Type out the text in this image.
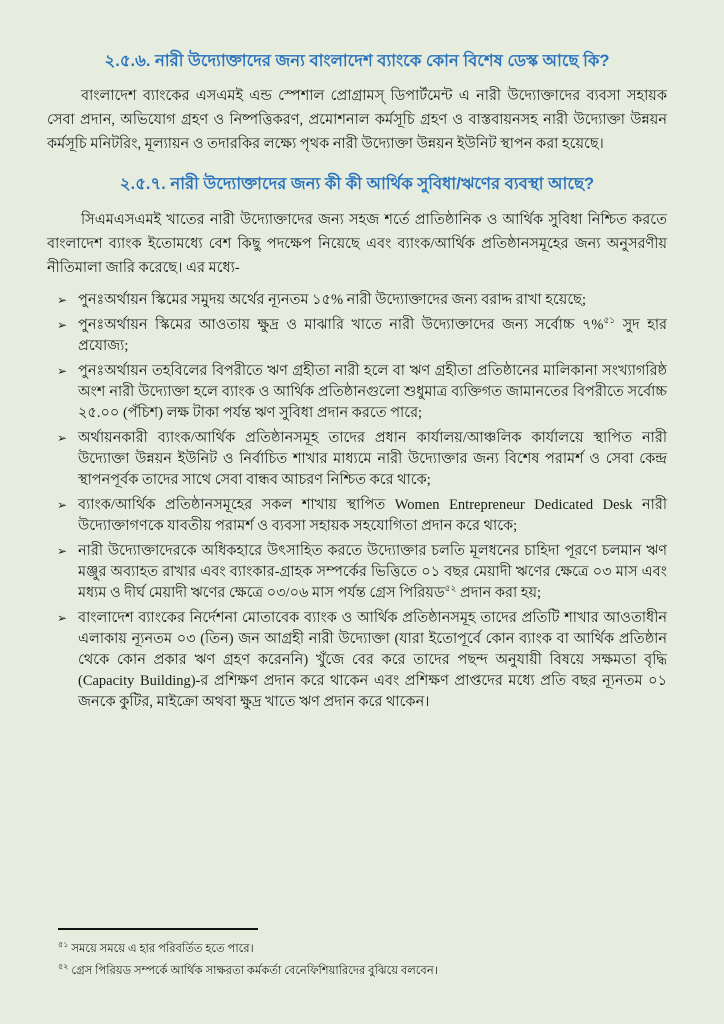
২.৫.৬. নারী উদ্যোক্তাদের জন্য বাংলাদেশ ব্যাংকে কোন বিশেষ ডেস্ক আছে কি?

বাংলাদেশ ব্যাংকের এসএমই এন্ড স্পেশাল প্রোগ্রামস্ ডিপার্টমেন্ট এ নারী উদ্যোক্তাদের ব্যবসা সহায়ক সেবা প্রদান, অভিযোগ গ্রহণ ও নিষ্পত্তিকরণ, প্রমোশনাল কর্মসূচি গ্রহণ ও বাস্তবায়নসহ নারী উদ্যোক্তা উন্নয়ন কর্মসূচি মনিটরিং, মূল্যায়ন ও তদারকির লক্ষ্যে পৃথক নারী উদ্যোক্তা উন্নয়ন ইউনিট স্থাপন করা হয়েছে।

২.৫.৭. নারী উদ্যোক্তাদের জন্য কী কী আর্থিক সুবিধা/ঋণের ব্যবস্থা আছে?

সিএমএসএমই খাতের নারী উদ্যোক্তাদের জন্য সহজ শর্তে প্রাতিষ্ঠানিক ও আর্থিক সুবিধা নিশ্চিত করতে বাংলাদেশ ব্যাংক ইতোমধ্যে বেশ কিছু পদক্ষেপ নিয়েছে এবং ব্যাংক/আর্থিক প্রতিষ্ঠানসমূহের জন্য অনুসরণীয় নীতিমালা জারি করেছে। এর মধ্যে-

➢ পুনঃঅর্থায়ন স্কিমের সমুদয় অর্থের ন্যূনতম ১৫% নারী উদ্যোক্তাদের জন্য বরাদ্দ রাখা হয়েছে;
➢ পুনঃঅর্থায়ন স্কিমের আওতায় ক্ষুদ্র ও মাঝারি খাতে নারী উদ্যোক্তাদের জন্য সর্বোচ্চ ৭%$^{৫১}$ সুদ হার প্রযোজ্য;
➢ পুনঃঅর্থায়ন তহবিলের বিপরীতে ঋণ গ্রহীতা নারী হলে বা ঋণ গ্রহীতা প্রতিষ্ঠানের মালিকানা সংখ্যাগরিষ্ঠ অংশ নারী উদ্যোক্তা হলে ব্যাংক ও আর্থিক প্রতিষ্ঠানগুলো শুধুমাত্র ব্যক্তিগত জামানতের বিপরীতে সর্বোচ্চ ২৫.০০ (পঁচিশ) লক্ষ টাকা পর্যন্ত ঋণ সুবিধা প্রদান করতে পারে;
➢ অর্থায়নকারী ব্যাংক/আর্থিক প্রতিষ্ঠানসমূহ তাদের প্রধান কার্যালয়/আঞ্চলিক কার্যালয়ে স্থাপিত নারী উদ্যোক্তা উন্নয়ন ইউনিট ও নির্বাচিত শাখার মাধ্যমে নারী উদ্যোক্তার জন্য বিশেষ পরামর্শ ও সেবা কেন্দ্র স্থাপনপূর্বক তাদের সাথে সেবা বান্ধব আচরণ নিশ্চিত করে থাকে;
➢ ব্যাংক/আর্থিক প্রতিষ্ঠানসমূহের সকল শাখায় স্থাপিত Women Entrepreneur Dedicated Desk নারী উদ্যোক্তাগণকে যাবতীয় পরামর্শ ও ব্যবসা সহায়ক সহযোগিতা প্রদান করে থাকে;
➢ নারী উদ্যোক্তাদেরকে অধিকহারে উৎসাহিত করতে উদ্যোক্তার চলতি মূলধনের চাহিদা পূরণে চলমান ঋণ মঞ্জুর অব্যাহত রাখার এবং ব্যাংকার-গ্রাহক সম্পর্কের ভিত্তিতে ০১ বছর মেয়াদী ঋণের ক্ষেত্রে ০৩ মাস এবং মধ্যম ও দীর্ঘ মেয়াদী ঋণের ক্ষেত্রে ০৩/০৬ মাস পর্যন্ত গ্রেস পিরিয়ড$^{৫২}$ প্রদান করা হয়;
➢ বাংলাদেশ ব্যাংকের নির্দেশনা মোতাবেক ব্যাংক ও আর্থিক প্রতিষ্ঠানসমূহ তাদের প্রতিটি শাখার আওতাধীন এলাকায় ন্যূনতম ০৩ (তিন) জন আগ্রহী নারী উদ্যোক্তা (যারা ইতোপূর্বে কোন ব্যাংক বা আর্থিক প্রতিষ্ঠান থেকে কোন প্রকার ঋণ গ্রহণ করেননি) খুঁজে বের করে তাদের পছন্দ অনুযায়ী বিষয়ে সক্ষমতা বৃদ্ধি (Capacity Building)-র প্রশিক্ষণ প্রদান করে থাকেন এবং প্রশিক্ষণ প্রাপ্তদের মধ্যে প্রতি বছর ন্যূনতম ০১ জনকে কুটির, মাইক্রো অথবা ক্ষুদ্র খাতে ঋণ প্রদান করে থাকেন।
$^{৫১}$ সময়ে সময়ে এ হার পরিবর্তিত হতে পারে।
$^{৫২}$ গ্রেস পিরিয়ড সম্পর্কে আর্থিক সাক্ষরতা কর্মকর্তা বেনেফিশিয়ারিদের বুঝিয়ে বলবেন।
